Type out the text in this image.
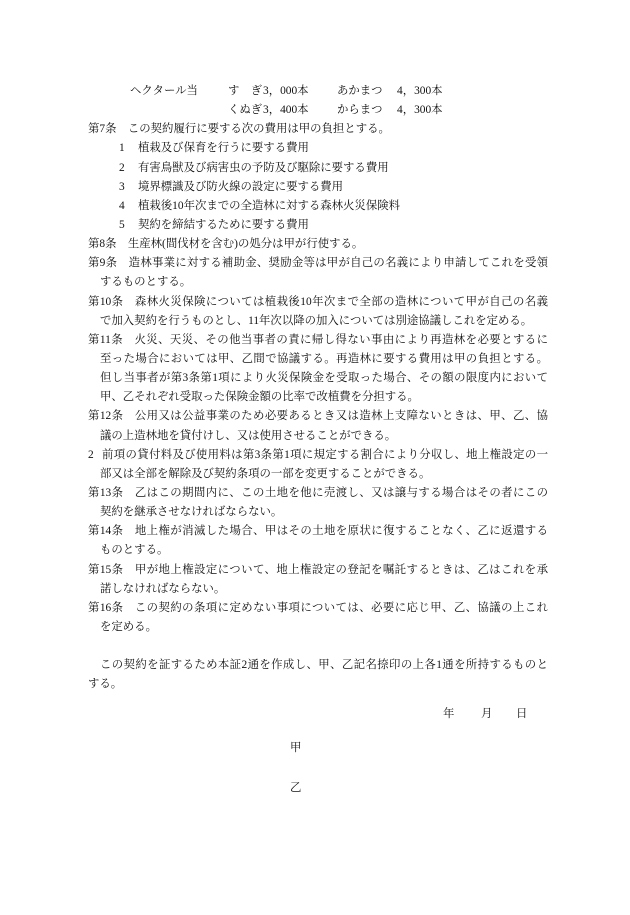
ヘクタール当	す　ぎ 3，000本 あかまつ 4，300本
くぬぎ 3，400本 からまつ 4，300本
第7条 この契約履行に要する次の費用は甲の負担とする。
1 植栽及び保育を行うに要する費用
2 有害鳥獣及び病害虫の予防及び駆除に要する費用
3 境界標識及び防火線の設定に要する費用
4 植栽後10年次までの全造林に対する森林火災保険料
5 契約を締結するために要する費用
第8条 生産林(間伐材を含む)の処分は甲が行使する。
第9条 造林事業に対する補助金、奨励金等は甲が自己の名義により申請してこれを受領
するものとする。
第10条 森林火災保険については植栽後10年次まで全部の造林について甲が自己の名義
で加入契約を行うものとし、11年次以降の加入については別途協議しこれを定める。
第11条 火災、天災、その他当事者の責に帰し得ない事由により再造林を必要とするに
至った場合においては甲、乙間で協議する。再造林に要する費用は甲の負担とする。
但し当事者が第3条第1項により火災保険金を受取った場合、その額の限度内において
甲、乙それぞれ受取った保険金額の比率で改植費を分担する。
第12条 公用又は公益事業のため必要あるとき又は造林上支障ないときは、甲、乙、協
議の上造林地を貸付けし、又は使用させることができる。
2 前項の貸付料及び使用料は第3条第1項に規定する割合により分収し、地上権設定の一
部又は全部を解除及び契約条項の一部を変更することができる。
第13条 乙はこの期間内に、この土地を他に売渡し、又は譲与する場合はその者にこの
契約を継承させなければならない。
第14条 地上権が消滅した場合、甲はその土地を原状に復することなく、乙に返還する
ものとする。
第15条 甲が地上権設定について、地上権設定の登記を嘱託するときは、乙はこれを承
諾しなければならない。
第16条 この契約の条項に定めない事項については、必要に応じ甲、乙、協議の上これ
を定める。
この契約を証するため本証2通を作成し、甲、乙記名捺印の上各1通を所持するものと
する。
年 月 日
甲
乙
